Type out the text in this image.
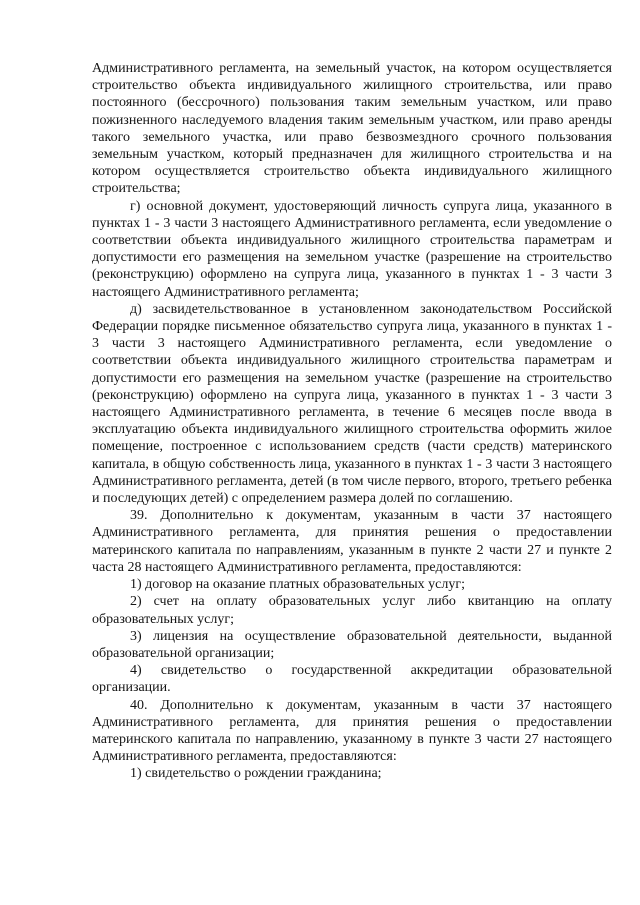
Административного регламента, на земельный участок, на котором осуществляется строительство объекта индивидуального жилищного строительства, или право постоянного (бессрочного) пользования таким земельным участком, или право пожизненного наследуемого владения таким земельным участком, или право аренды такого земельного участка, или право безвозмездного срочного пользования земельным участком, который предназначен для жилищного строительства и на котором осуществляется строительство объекта индивидуального жилищного строительства;

г) основной документ, удостоверяющий личность супруга лица, указанного в пунктах 1 - 3 части 3 настоящего Административного регламента, если уведомление о соответствии объекта индивидуального жилищного строительства параметрам и допустимости его размещения на земельном участке (разрешение на строительство (реконструкцию) оформлено на супруга лица, указанного в пунктах 1 - 3 части 3 настоящего Административного регламента;

д) засвидетельствованное в установленном законодательством Российской Федерации порядке письменное обязательство супруга лица, указанного в пунктах 1 - 3 части 3 настоящего Административного регламента, если уведомление о соответствии объекта индивидуального жилищного строительства параметрам и допустимости его размещения на земельном участке (разрешение на строительство (реконструкцию) оформлено на супруга лица, указанного в пунктах 1 - 3 части 3 настоящего Административного регламента, в течение 6 месяцев после ввода в эксплуатацию объекта индивидуального жилищного строительства оформить жилое помещение, построенное с использованием средств (части средств) материнского капитала, в общую собственность лица, указанного в пунктах 1 - 3 части 3 настоящего Административного регламента, детей (в том числе первого, второго, третьего ребенка и последующих детей) с определением размера долей по соглашению.

39. Дополнительно к документам, указанным в части 37 настоящего Административного регламента, для принятия решения о предоставлении материнского капитала по направлениям, указанным в пункте 2 части 27 и пункте 2 часта 28 настоящего Административного регламента, предоставляются:

1) договор на оказание платных образовательных услуг;

2) счет на оплату образовательных услуг либо квитанцию на оплату образовательных услуг;

3) лицензия на осуществление образовательной деятельности, выданной образовательной организации;

4) свидетельство о государственной аккредитации образовательной организации.

40. Дополнительно к документам, указанным в части 37 настоящего Административного регламента, для принятия решения о предоставлении материнского капитала по направлению, указанному в пункте 3 части 27 настоящего Административного регламента, предоставляются:

1) свидетельство о рождении гражданина;
